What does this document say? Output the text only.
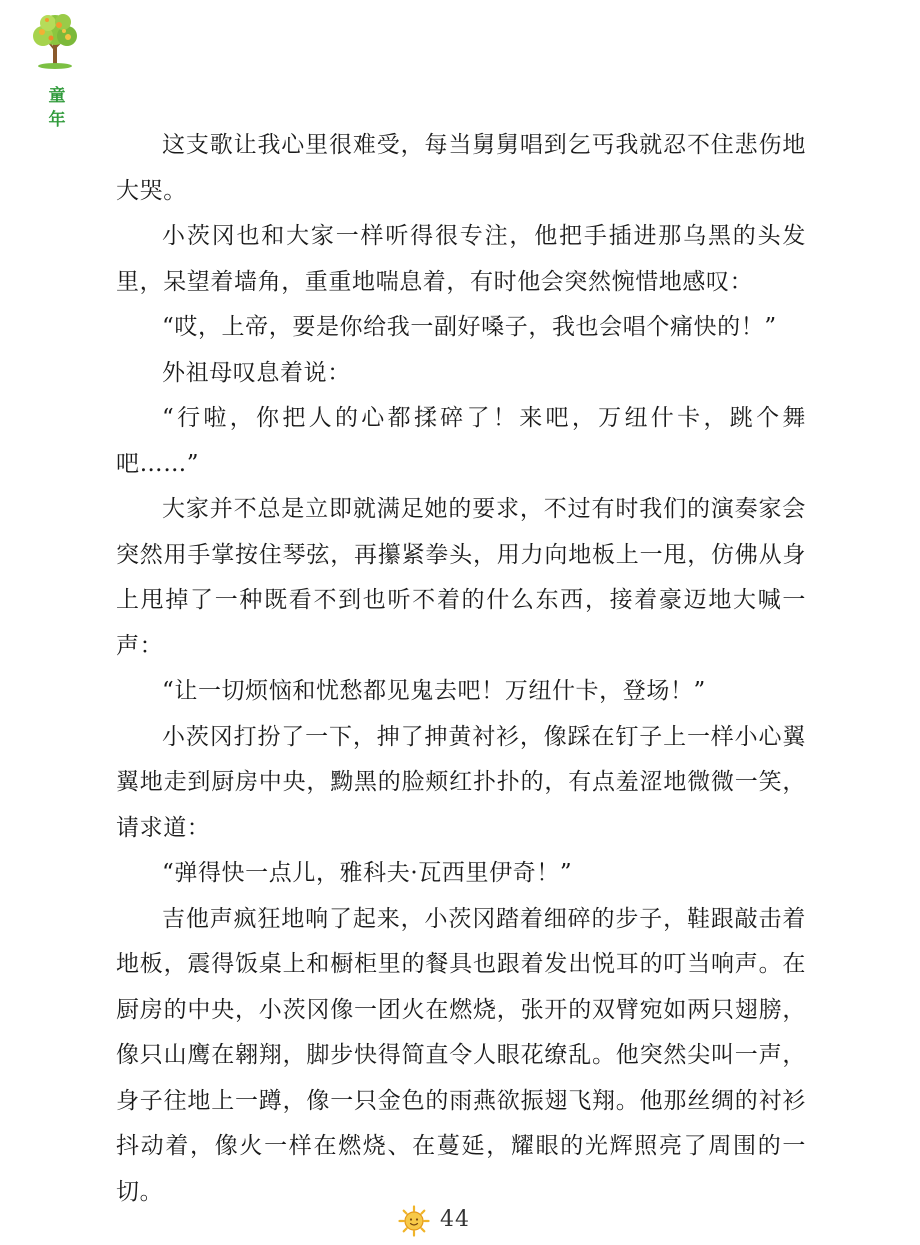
童年

这支歌让我心里很难受，每当舅舅唱到乞丐我就忍不住悲伤地大哭。

小茨冈也和大家一样听得很专注，他把手插进那乌黑的头发里，呆望着墙角，重重地喘息着，有时他会突然惋惜地感叹：

“哎，上帝，要是你给我一副好嗓子，我也会唱个痛快的！”

外祖母叹息着说：

“行啦，你把人的心都揉碎了！来吧，万纽什卡，跳个舞吧……”

大家并不总是立即就满足她的要求，不过有时我们的演奏家会突然用手掌按住琴弦，再攥紧拳头，用力向地板上一甩，仿佛从身上甩掉了一种既看不到也听不着的什么东西，接着豪迈地大喊一声：

“让一切烦恼和忧愁都见鬼去吧！万纽什卡，登场！”

小茨冈打扮了一下，抻了抻黄衬衫，像踩在钉子上一样小心翼翼地走到厨房中央，黝黑的脸颊红扑扑的，有点羞涩地微微一笑，请求道：

“弹得快一点儿，雅科夫·瓦西里伊奇！”

吉他声疯狂地响了起来，小茨冈踏着细碎的步子，鞋跟敲击着地板，震得饭桌上和橱柜里的餐具也跟着发出悦耳的叮当响声。在厨房的中央，小茨冈像一团火在燃烧，张开的双臂宛如两只翅膀，像只山鹰在翱翔，脚步快得简直令人眼花缭乱。他突然尖叫一声，身子往地上一蹲，像一只金色的雨燕欲振翅飞翔。他那丝绸的衬衫抖动着，像火一样在燃烧、在蔓延，耀眼的光辉照亮了周围的一切。

44
